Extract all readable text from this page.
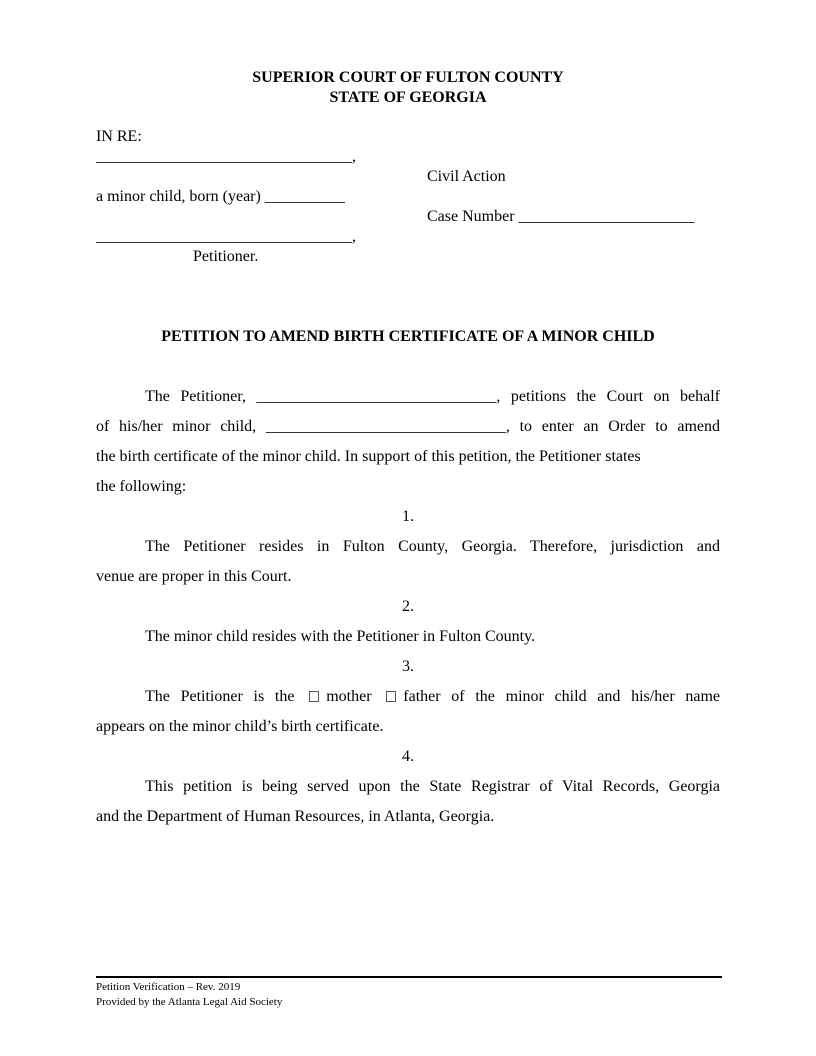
SUPERIOR COURT OF FULTON COUNTY
STATE OF GEORGIA
IN RE:
________________________________,
a minor child, born (year) __________
________________________________,
Petitioner.
Civil Action
Case Number ______________________
PETITION TO AMEND BIRTH CERTIFICATE OF A MINOR CHILD
The Petitioner, ______________________________, petitions the Court on behalf
of his/her minor child, ______________________________, to enter an Order to amend
the birth certificate of the minor child. In support of this petition, the Petitioner states
the following:
1.
The Petitioner resides in Fulton County, Georgia. Therefore, jurisdiction and
venue are proper in this Court.
2.
The minor child resides with the Petitioner in Fulton County.
3.
The Petitioner is the mother father of the minor child and his/her name
appears on the minor child’s birth certificate.
4.
This petition is being served upon the State Registrar of Vital Records, Georgia
and the Department of Human Resources, in Atlanta, Georgia.
Petition Verification – Rev. 2019
Provided by the Atlanta Legal Aid Society
